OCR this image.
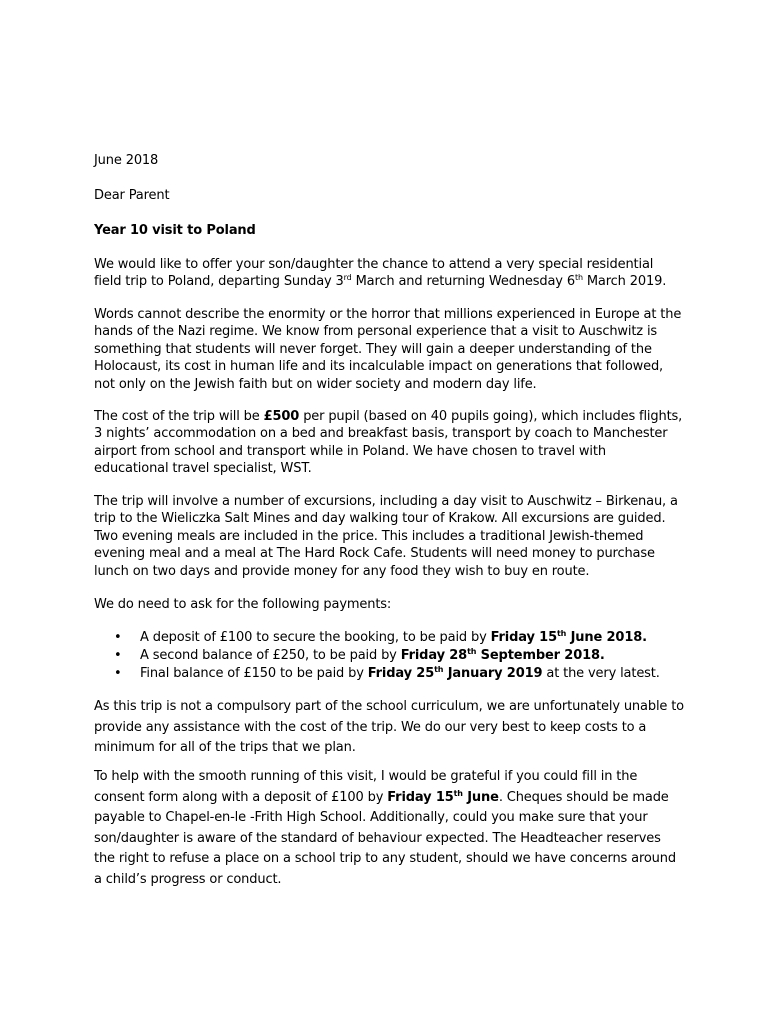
June 2018

Dear Parent

Year 10 visit to Poland

We would like to offer your son/daughter the chance to attend a very special residential field trip to Poland, departing Sunday 3rd March and returning Wednesday 6th March 2019.

Words cannot describe the enormity or the horror that millions experienced in Europe at the hands of the Nazi regime. We know from personal experience that a visit to Auschwitz is something that students will never forget. They will gain a deeper understanding of the Holocaust, its cost in human life and its incalculable impact on generations that followed, not only on the Jewish faith but on wider society and modern day life.

The cost of the trip will be £500 per pupil (based on 40 pupils going), which includes flights, 3 nights’ accommodation on a bed and breakfast basis, transport by coach to Manchester airport from school and transport while in Poland. We have chosen to travel with educational travel specialist, WST.

The trip will involve a number of excursions, including a day visit to Auschwitz – Birkenau, a trip to the Wieliczka Salt Mines and day walking tour of Krakow. All excursions are guided. Two evening meals are included in the price. This includes a traditional Jewish-themed evening meal and a meal at The Hard Rock Cafe. Students will need money to purchase lunch on two days and provide money for any food they wish to buy en route.

We do need to ask for the following payments:

• A deposit of £100 to secure the booking, to be paid by Friday 15th June 2018.
• A second balance of £250, to be paid by Friday 28th September 2018.
• Final balance of £150 to be paid by Friday 25th January 2019 at the very latest.

As this trip is not a compulsory part of the school curriculum, we are unfortunately unable to provide any assistance with the cost of the trip. We do our very best to keep costs to a minimum for all of the trips that we plan.

To help with the smooth running of this visit, I would be grateful if you could fill in the consent form along with a deposit of £100 by Friday 15th June. Cheques should be made payable to Chapel-en-le -Frith High School. Additionally, could you make sure that your son/daughter is aware of the standard of behaviour expected. The Headteacher reserves the right to refuse a place on a school trip to any student, should we have concerns around a child’s progress or conduct.
